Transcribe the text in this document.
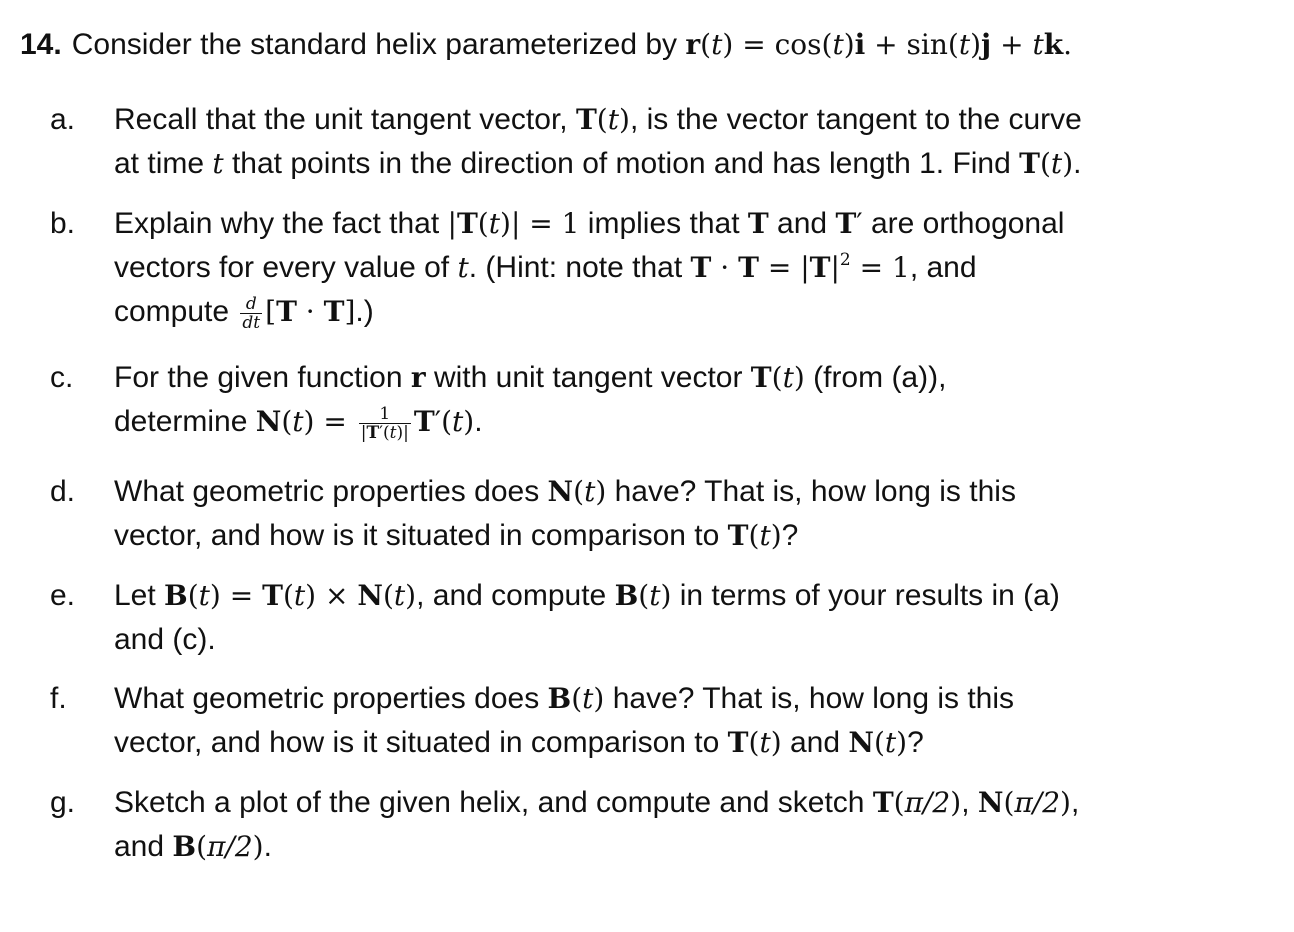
14. Consider the standard helix parameterized by r(t) = cos(t)i + sin(t)j + tk.
a.	Recall that the unit tangent vector, T(t), is the vector tangent to the curve
at time t that points in the direction of motion and has length 1. Find T(t).
b.	Explain why the fact that |T(t)| = 1 implies that T and T′ are orthogonal
vectors for every value of t. (Hint: note that $T \cdot T = |T|^2 = 1$, and
compute $\frac{d}{dt} [T \cdot T]$.)
c.	For the given function r with unit tangent vector T(t) (from (a)),
determine $N(t) = \frac{1}{|T'(t)|} T'(t)$.
d.	What geometric properties does N(t) have? That is, how long is this
vector, and how is it situated in comparison to T(t)?
e.	Let B(t) = T(t) × N(t), and compute B(t) in terms of your results in (a)
and (c).
f.	What geometric properties does B(t) have? That is, how long is this
vector, and how is it situated in comparison to T(t) and N(t)?
g.	Sketch a plot of the given helix, and compute and sketch T(π/2), N(π/2),
and B(π/2).
